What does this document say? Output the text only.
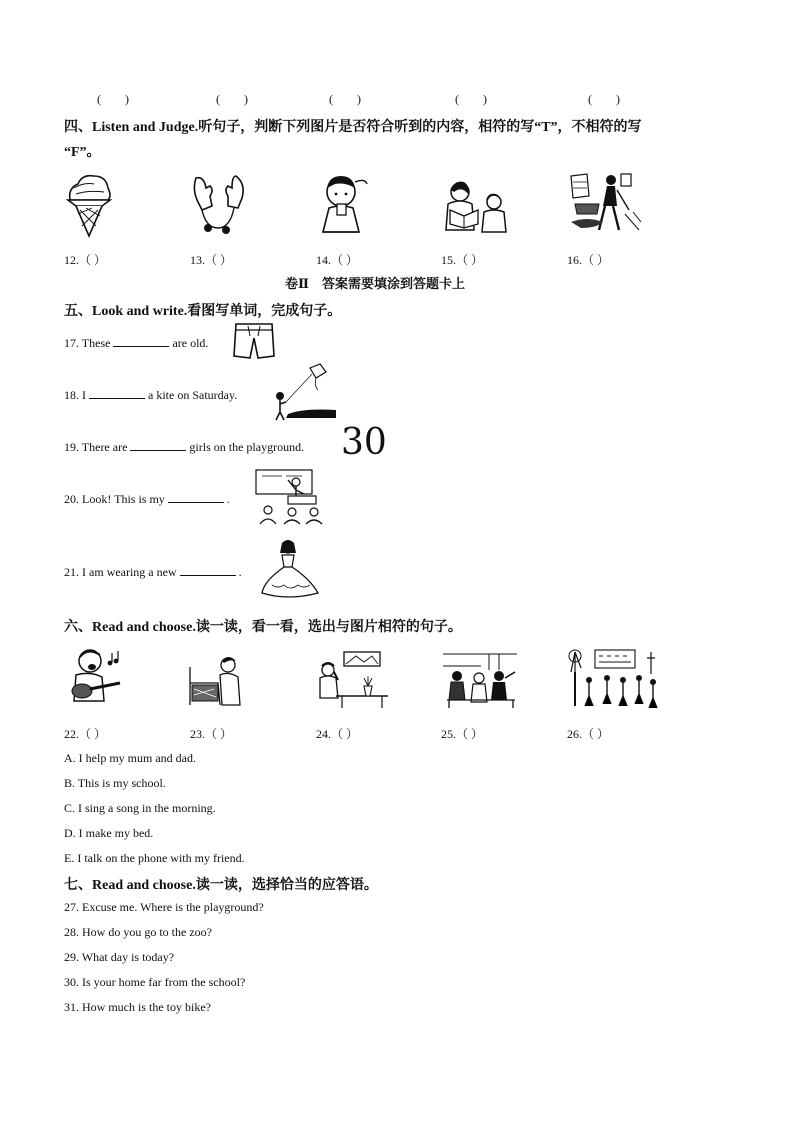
(        )	(        )	(        )	(        )	(        )
四、Listen and Judge.听句子，判断下列图片是否符合听到的内容，相符的写“T”，不相符的写
“F”。
12.（ ）	13.（ ）	14.（ ）	15.（ ）	16.（ ）
卷Ⅱ　答案需要填涂到答题卡上
五、Look and write.看图写单词，完成句子。
17. These	are old.
18. I	a kite on Saturday.
19. There are	girls on the playground. 30
20. Look! This is my	.
21. I am wearing a new	.
六、Read and choose.读一读，看一看，选出与图片相符的句子。
22.（ ）	23.（ ）	24.（ ）	25.（ ）	26.（ ）
A. I help my mum and dad.
B. This is my school.
C. I sing a song in the morning.
D. I make my bed.
E. I talk on the phone with my friend.
七、Read and choose.读一读，选择恰当的应答语。
27. Excuse me. Where is the playground?
28. How do you go to the zoo?
29. What day is today?
30. Is your home far from the school?
31. How much is the toy bike?
